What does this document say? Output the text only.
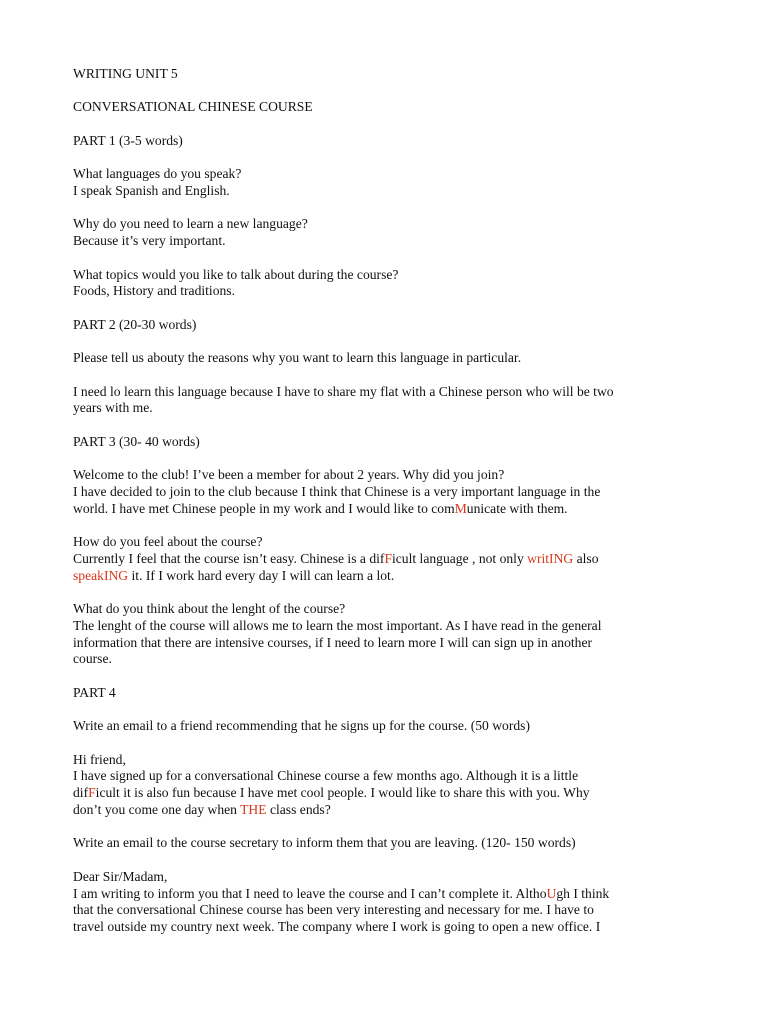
WRITING UNIT 5
CONVERSATIONAL CHINESE COURSE
PART 1 (3-5 words)
What languages do you speak?
I speak Spanish and English.
Why do you need to learn a new language?
Because it’s very important.
What topics would you like to talk about during the course?
Foods, History and traditions.
PART 2 (20-30 words)
Please tell us abouty the reasons why you want to learn this language in particular.
I need lo learn this language because I have to share my flat with a Chinese person who will be two
years with me.
PART 3 (30- 40 words)
Welcome to the club! I’ve been a member for about 2 years. Why did you join?
I have decided to join to the club because I think that Chinese is a very important language in the
world. I have met Chinese people in my work and I would like to comMunicate with them.
How do you feel about the course?
Currently I feel that the course isn’t easy. Chinese is a difFicult language , not only writING also
speakING it. If I work hard every day I will can learn a lot.
What do you think about the lenght of the course?
The lenght of the course will allows me to learn the most important. As I have read in the general
information that there are intensive courses, if I need to learn more I will can sign up in another
course.
PART 4
Write an email to a friend recommending that he signs up for the course. (50 words)
Hi friend,
I have signed up for a conversational Chinese course a few months ago. Although it is a little
difFicult it is also fun because I have met cool people. I would like to share this with you. Why
don’t you come one day when THE class ends?
Write an email to the course secretary to inform them that you are leaving. (120- 150 words)
Dear Sir/Madam,
I am writing to inform you that I need to leave the course and I can’t complete it. AlthoUgh I think
that the conversational Chinese course has been very interesting and necessary for me. I have to
travel outside my country next week. The company where I work is going to open a new office. I
